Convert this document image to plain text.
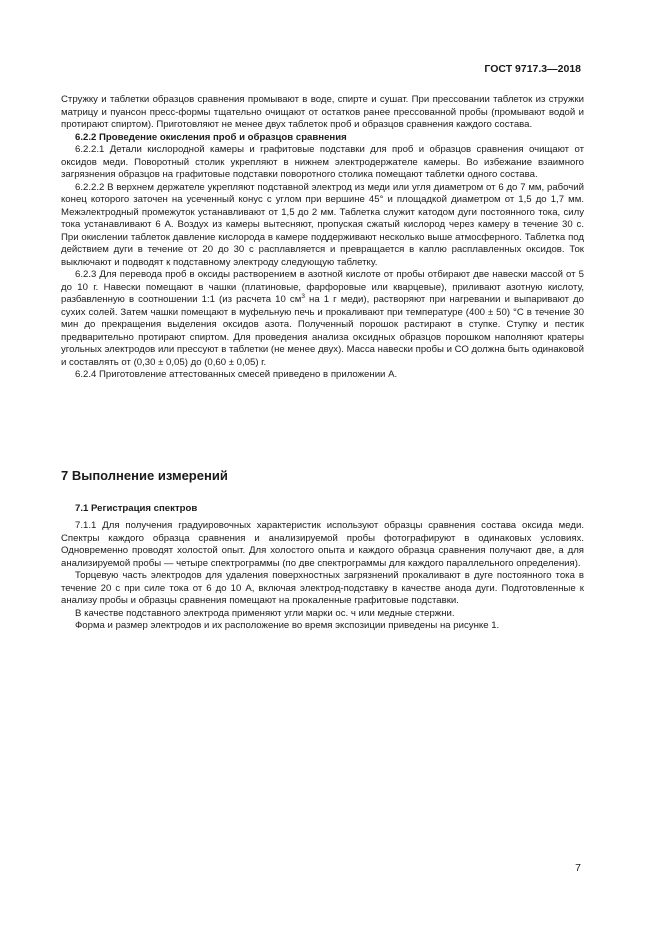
ГОСТ 9717.3—2018

Стружку и таблетки образцов сравнения промывают в воде, спирте и сушат. При прессовании таблеток из стружки матрицу и пуансон пресс-формы тщательно очищают от остатков ранее прессованной пробы (промывают водой и протирают спиртом). Приготовляют не менее двух таблеток проб и образцов сравнения каждого состава.

6.2.2 Проведение окисления проб и образцов сравнения

6.2.2.1 Детали кислородной камеры и графитовые подставки для проб и образцов сравнения очищают от оксидов меди. Поворотный столик укрепляют в нижнем электродержателе камеры. Во избежание взаимного загрязнения образцов на графитовые подставки поворотного столика помещают таблетки одного состава.

6.2.2.2 В верхнем держателе укрепляют подставной электрод из меди или угля диаметром от 6 до 7 мм, рабочий конец которого заточен на усеченный конус с углом при вершине 45° и площадкой диаметром от 1,5 до 1,7 мм. Межэлектродный промежуток устанавливают от 1,5 до 2 мм. Таблетка служит катодом дуги постоянного тока, силу тока устанавливают 6 А. Воздух из камеры вытесняют, пропуская сжатый кислород через камеру в течение 30 с. При окислении таблеток давление кислорода в камере поддерживают несколько выше атмосферного. Таблетка под действием дуги в течение от 20 до 30 с расплавляется и превращается в каплю расплавленных оксидов. Ток выключают и подводят к подставному электроду следующую таблетку.

6.2.3 Для перевода проб в оксиды растворением в азотной кислоте от пробы отбирают две навески массой от 5 до 10 г. Навески помещают в чашки (платиновые, фарфоровые или кварцевые), приливают азотную кислоту, разбавленную в соотношении 1:1 (из расчета 10 $см^3$ на 1 г меди), растворяют при нагревании и выпаривают до сухих солей. Затем чашки помещают в муфельную печь и прокаливают при температуре (400 ± 50) °С в течение 30 мин до прекращения выделения оксидов азота. Полученный порошок растирают в ступке. Ступку и пестик предварительно протирают спиртом. Для проведения анализа оксидных образцов порошком наполняют кратеры угольных электродов или прессуют в таблетки (не менее двух). Масса навески пробы и СО должна быть одинаковой и составлять от (0,30 ± 0,05) до (0,60 ± 0,05) г.

6.2.4 Приготовление аттестованных смесей приведено в приложении А.

7 Выполнение измерений
7.1 Регистрация спектров

7.1.1 Для получения градуировочных характеристик используют образцы сравнения состава оксида меди. Спектры каждого образца сравнения и анализируемой пробы фотографируют в одинаковых условиях. Одновременно проводят холостой опыт. Для холостого опыта и каждого образца сравнения получают две, а для анализируемой пробы — четыре спектрограммы (по две спектрограммы для каждого параллельного определения).

Торцевую часть электродов для удаления поверхностных загрязнений прокаливают в дуге постоянного тока в течение 20 с при силе тока от 6 до 10 А, включая электрод-подставку в качестве анода дуги. Подготовленные к анализу пробы и образцы сравнения помещают на прокаленные графитовые подставки.

В качестве подставного электрода применяют угли марки ос. ч или медные стержни.

Форма и размер электродов и их расположение во время экспозиции приведены на рисунке 1.

7
